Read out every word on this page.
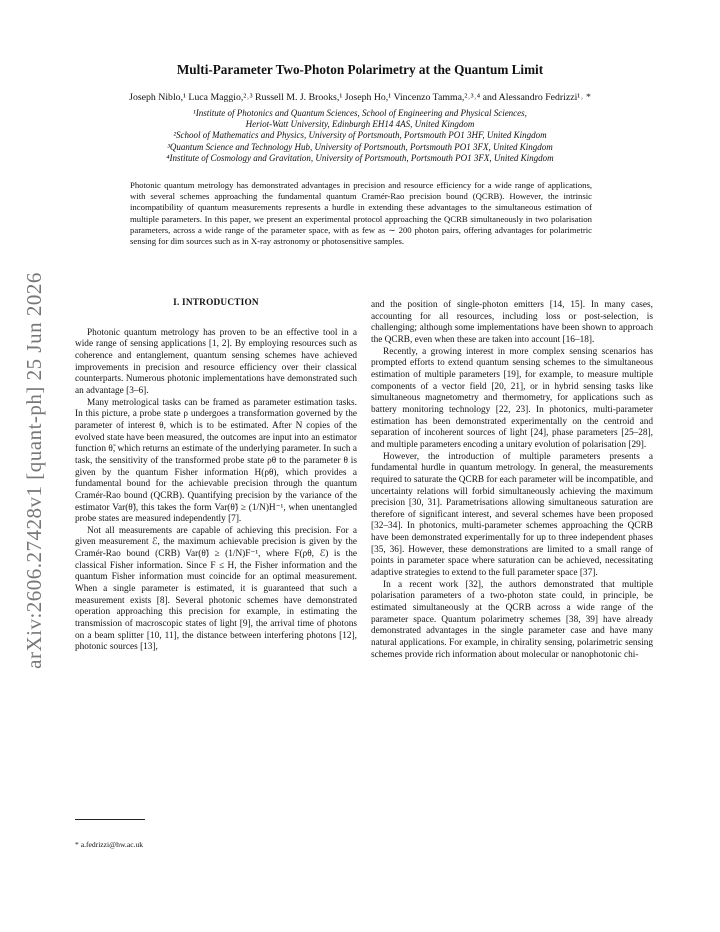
arXiv:2606.27428v1 [quant-ph] 25 Jun 2026
Multi-Parameter Two-Photon Polarimetry at the Quantum Limit
Joseph Niblo,¹ Luca Maggio,²˒³ Russell M. J. Brooks,¹ Joseph Ho,¹ Vincenzo Tamma,²˒³˒⁴ and Alessandro Fedrizzi¹˒ *
¹Institute of Photonics and Quantum Sciences, School of Engineering and Physical Sciences,
Heriot-Watt University, Edinburgh EH14 4AS, United Kingdom
²School of Mathematics and Physics, University of Portsmouth, Portsmouth PO1 3HF, United Kingdom
³Quantum Science and Technology Hub, University of Portsmouth, Portsmouth PO1 3FX, United Kingdom
⁴Institute of Cosmology and Gravitation, University of Portsmouth, Portsmouth PO1 3FX, United Kingdom
Photonic quantum metrology has demonstrated advantages in precision and resource efficiency for a wide range of applications, with several schemes approaching the fundamental quantum Cramér-Rao precision bound (QCRB). However, the intrinsic incompatibility of quantum measurements represents a hurdle in extending these advantages to the simultaneous estimation of multiple parameters. In this paper, we present an experimental protocol approaching the QCRB simultaneously in two polarisation parameters, across a wide range of the parameter space, with as few as ∼ 200 photon pairs, offering advantages for polarimetric sensing for dim sources such as in X-ray astronomy or photosensitive samples.
I. INTRODUCTION

Photonic quantum metrology has proven to be an effective tool in a wide range of sensing applications [1, 2]. By employing resources such as coherence and entanglement, quantum sensing schemes have achieved improvements in precision and resource efficiency over their classical counterparts. Numerous photonic implementations have demonstrated such an advantage [3–6].

Many metrological tasks can be framed as parameter estimation tasks. In this picture, a probe state ρ undergoes a transformation governed by the parameter of interest θ, which is to be estimated. After N copies of the evolved state have been measured, the outcomes are input into an estimator function θ̃, which returns an estimate of the underlying parameter. In such a task, the sensitivity of the transformed probe state ρθ to the parameter θ is given by the quantum Fisher information H(ρθ), which provides a fundamental bound for the achievable precision through the quantum Cramér-Rao bound (QCRB). Quantifying precision by the variance of the estimator Var(θ̃), this takes the form Var(θ̃) ≥ (1/N)H⁻¹, when unentangled probe states are measured independently [7].

Not all measurements are capable of achieving this precision. For a given measurement ℰ, the maximum achievable precision is given by the Cramér-Rao bound (CRB) Var(θ̃) ≥ (1/N)F⁻¹, where F(ρθ, ℰ) is the classical Fisher information. Since F ≤ H, the Fisher information and the quantum Fisher information must coincide for an optimal measurement. When a single parameter is estimated, it is guaranteed that such a measurement exists [8]. Several photonic schemes have demonstrated operation approaching this precision for example, in estimating the transmission of macroscopic states of light [9], the arrival time of photons on a beam splitter [10, 11], the distance between interfering photons [12], photonic sources [13],

and the position of single-photon emitters [14, 15]. In many cases, accounting for all resources, including loss or post-selection, is challenging; although some implementations have been shown to approach the QCRB, even when these are taken into account [16–18].

Recently, a growing interest in more complex sensing scenarios has prompted efforts to extend quantum sensing schemes to the simultaneous estimation of multiple parameters [19], for example, to measure multiple components of a vector field [20, 21], or in hybrid sensing tasks like simultaneous magnetometry and thermometry, for applications such as battery monitoring technology [22, 23]. In photonics, multi-parameter estimation has been demonstrated experimentally on the centroid and separation of incoherent sources of light [24], phase parameters [25–28], and multiple parameters encoding a unitary evolution of polarisation [29].

However, the introduction of multiple parameters presents a fundamental hurdle in quantum metrology. In general, the measurements required to saturate the QCRB for each parameter will be incompatible, and uncertainty relations will forbid simultaneously achieving the maximum precision [30, 31]. Parametrisations allowing simultaneous saturation are therefore of significant interest, and several schemes have been proposed [32–34]. In photonics, multi-parameter schemes approaching the QCRB have been demonstrated experimentally for up to three independent phases [35, 36]. However, these demonstrations are limited to a small range of points in parameter space where saturation can be achieved, necessitating adaptive strategies to extend to the full parameter space [37].

In a recent work [32], the authors demonstrated that multiple polarisation parameters of a two-photon state could, in principle, be estimated simultaneously at the QCRB across a wide range of the parameter space. Quantum polarimetry schemes [38, 39] have already demonstrated advantages in the single parameter case and have many natural applications. For example, in chirality sensing, polarimetric sensing schemes provide rich information about molecular or nanophotonic chi-

* a.fedrizzi@hw.ac.uk
